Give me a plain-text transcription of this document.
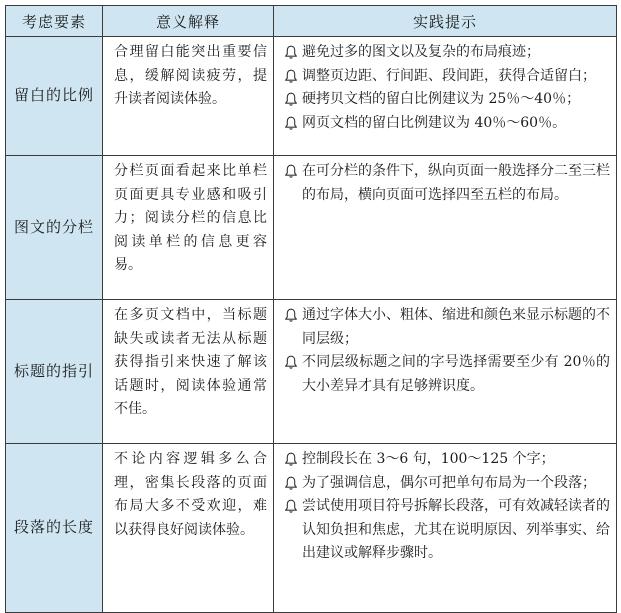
考虑要素	意义解释	实践提示
留白的比例	合理留白能突出重要信息，缓解阅读疲劳，提升读者阅读体验。	避免过多的图文以及复杂的布局痕迹；
调整页边距、行间距、段间距，获得合适留白；
硬拷贝文档的留白比例建议为 25％～40％；
网页文档的留白比例建议为 40％～60％。

图文的分栏	分栏页面看起来比单栏页面更具专业感和吸引力；阅读分栏的信息比阅读单栏的信息更容易。	在可分栏的条件下，纵向页面一般选择分二至三栏的布局，横向页面可选择四至五栏的布局。

标题的指引	在多页文档中，当标题缺失或读者无法从标题获得指引来快速了解该话题时，阅读体验通常不佳。	通过字体大小、粗体、缩进和颜色来显示标题的不同层级；
不同层级标题之间的字号选择需要至少有 20％的大小差异才具有足够辨识度。

段落的长度	不论内容逻辑多么合理，密集长段落的页面布局大多不受欢迎，难以获得良好阅读体验。	控制段长在 3～6 句，100～125 个字；
为了强调信息，偶尔可把单句布局为一个段落；
尝试使用项目符号拆解长段落，可有效减轻读者的认知负担和焦虑，尤其在说明原因、列举事实、给出建议或解释步骤时。
